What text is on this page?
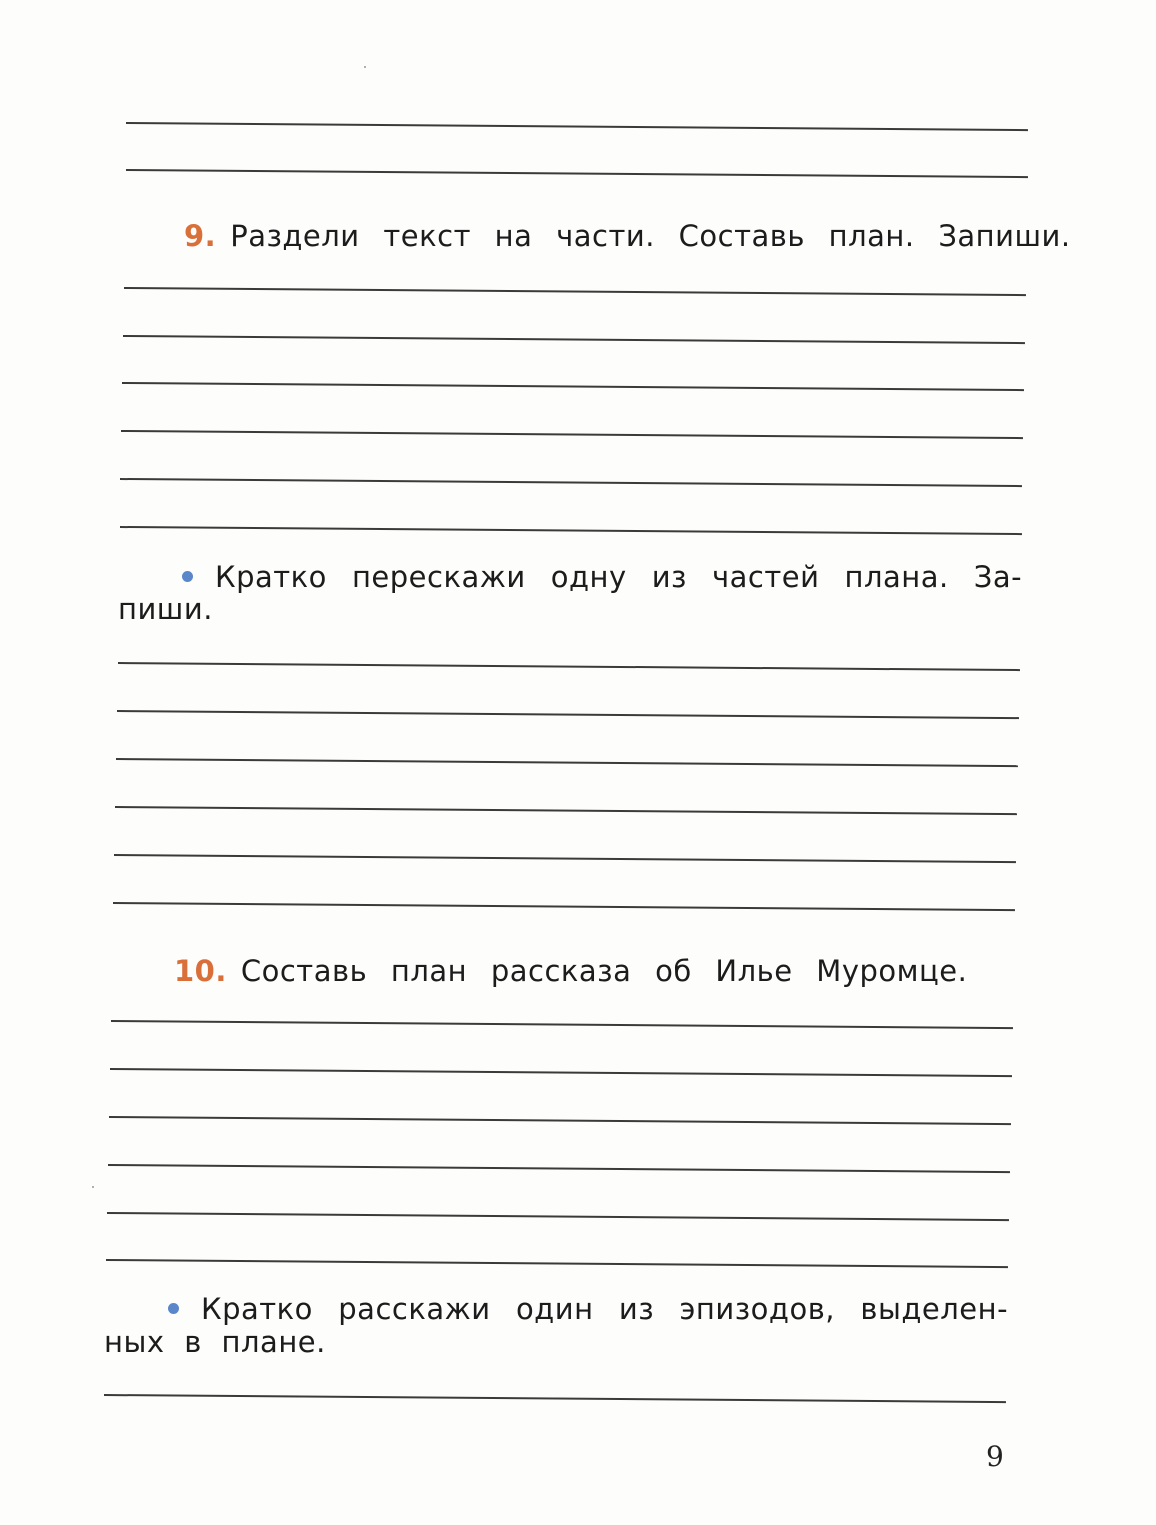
9. Раздели текст на части. Составь план. Запиши.
Кратко перескажи одну из частей плана. За-
пиши.
10. Составь план рассказа об Илье Муромце.
Кратко расскажи один из эпизодов, выделен-
ных в плане.
9
